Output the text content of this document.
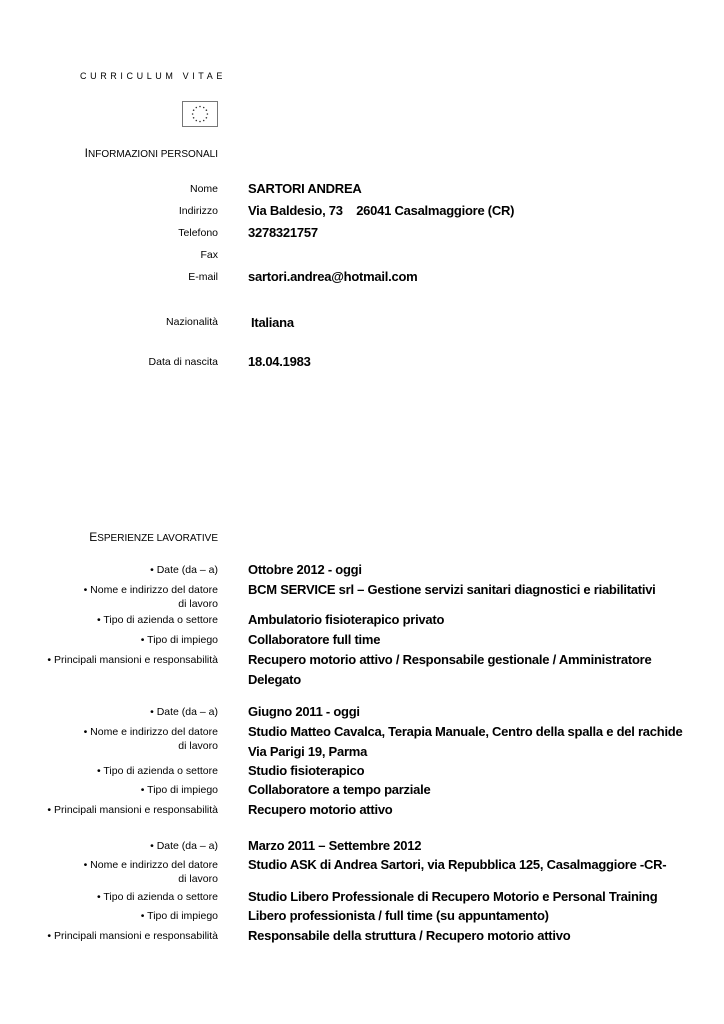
CURRICULUM VITAE
INFORMAZIONI PERSONALI
Nome SARTORI ANDREA
Indirizzo Via Baldesio, 73    26041 Casalmaggiore (CR)
Telefono 3278321757
Fax
E-mail sartori.andrea@hotmail.com
Nazionalità	Italiana
Data di nascita 18.04.1983
ESPERIENZE LAVORATIVE
• Date (da – a) Ottobre 2012 - oggi
• Nome e indirizzo del datore di lavoro
BCM SERVICE srl – Gestione servizi sanitari diagnostici e riabilitativi
• Tipo di azienda o settore Ambulatorio fisioterapico privato
• Tipo di impiego Collaboratore full time
• Principali mansioni e responsabilità Recupero motorio attivo / Responsabile gestionale / Amministratore
Delegato
• Date (da – a) Giugno 2011 - oggi
• Nome e indirizzo del datore di lavoro
Studio Matteo Cavalca, Terapia Manuale, Centro della spalla e del rachide
Via Parigi 19, Parma
• Tipo di azienda o settore Studio fisioterapico
• Tipo di impiego Collaboratore a tempo parziale
• Principali mansioni e responsabilità Recupero motorio attivo
• Date (da – a) Marzo 2011 – Settembre 2012
• Nome e indirizzo del datore di lavoro
Studio ASK di Andrea Sartori, via Repubblica 125, Casalmaggiore -CR-
• Tipo di azienda o settore Studio Libero Professionale di Recupero Motorio e Personal Training
• Tipo di impiego Libero professionista / full time (su appuntamento)
• Principali mansioni e responsabilità Responsabile della struttura / Recupero motorio attivo
